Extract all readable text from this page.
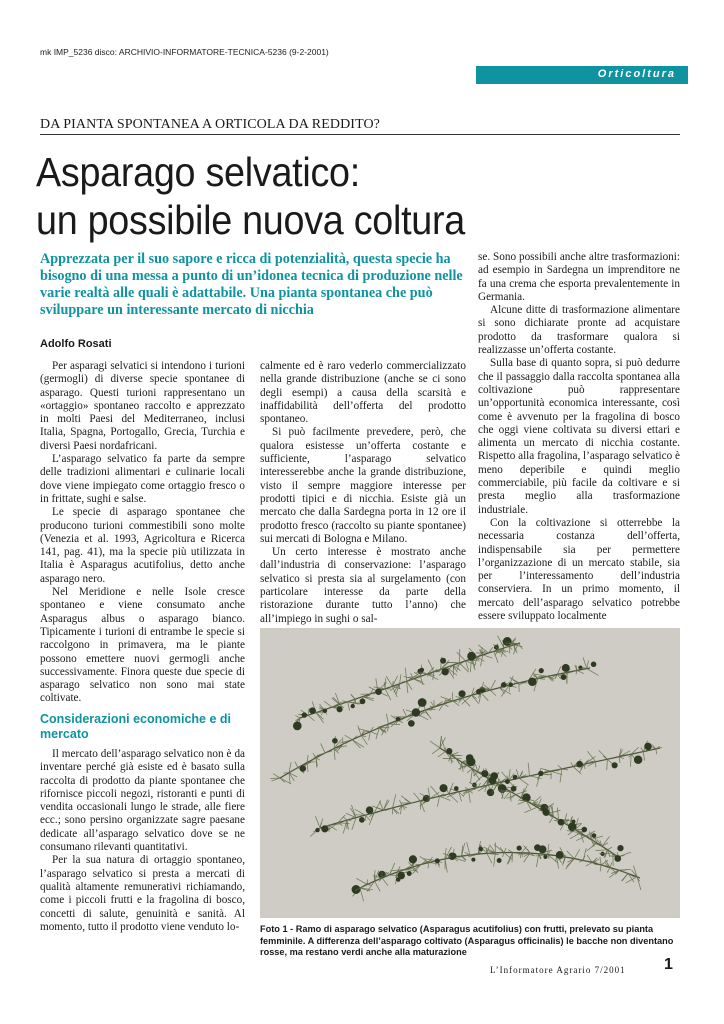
mk IMP_5236 disco: ARCHIVIO-INFORMATORE-TECNICA-5236 (9-2-2001)
Orticoltura
DA PIANTA SPONTANEA A ORTICOLA DA REDDITO?
Asparago selvatico:
un possibile nuova coltura
Apprezzata per il suo sapore e ricca di potenzialità, questa specie ha bisogno di una messa a punto di un’idonea tecnica di produzione nelle varie realtà alle quali è adattabile. Una pianta spontanea che può sviluppare un interessante mercato di nicchia
Adolfo Rosati

Per asparagi selvatici si intendono i turioni (germogli) di diverse specie spontanee di asparago. Questi turioni rappresentano un «ortaggio» spontaneo raccolto e apprezzato in molti Paesi del Mediterraneo, inclusi Italia, Spagna, Portogallo, Grecia, Turchia e diversi Paesi nordafricani.

L’asparago selvatico fa parte da sempre delle tradizioni alimentari e culinarie locali dove viene impiegato come ortaggio fresco o in frittate, sughi e salse.

Le specie di asparago spontanee che producono turioni commestibili sono molte (Venezia et al. 1993, Agricoltura e Ricerca 141, pag. 41), ma la specie più utilizzata in Italia è Asparagus acutifolius, detto anche asparago nero.

Nel Meridione e nelle Isole cresce spontaneo e viene consumato anche Asparagus albus o asparago bianco. Tipicamente i turioni di entrambe le specie si raccolgono in primavera, ma le piante possono emettere nuovi germogli anche successivamente. Finora queste due specie di asparago selvatico non sono mai state coltivate.

Considerazioni economiche e di mercato

Il mercato dell’asparago selvatico non è da inventare perché già esiste ed è basato sulla raccolta di prodotto da piante spontanee che riforniscе piccoli negozi, ristoranti e punti di vendita occasionali lungo le strade, alle fiere ecc.; sono persino organizzate sagre paesane dedicate all’asparago selvatico dove se ne consumano rilevanti quantitativi.

Per la sua natura di ortaggio spontaneo, l’asparago selvatico si presta a mercati di qualità altamente remunerativi richiamando, come i piccoli frutti e la fragolina di bosco, concetti di salute, genuinità e sanità. Al momento, tutto il prodotto viene venduto lo-

calmente ed è raro vederlo commercializzato nella grande distribuzione (anche se ci sono degli esempi) a causa della scarsità e inaffidabilità dell’offerta del prodotto spontaneo.

Si può facilmente prevedere, però, che qualora esistesse un’offerta costante e sufficiente, l’asparago selvatico interesserebbe anche la grande distribuzione, visto il sempre maggiore interesse per prodotti tipici e di nicchia. Esiste già un mercato che dalla Sardegna porta in 12 ore il prodotto fresco (raccolto su piante spontanee) sui mercati di Bologna e Milano.

Un certo interesse è mostrato anche dall’industria di conservazione: l’asparago selvatico si presta sia al surgelamento (con particolare interesse da parte della ristorazione durante tutto l’anno) che all’impiego in sughi o sal-

se. Sono possibili anche altre trasformazioni: ad esempio in Sardegna un imprenditore ne fa una crema che esporta prevalentemente in Germania.

Alcune ditte di trasformazione alimentare si sono dichiarate pronte ad acquistare prodotto da trasformare qualora si realizzasse un’offerta costante.

Sulla base di quanto sopra, si può dedurre che il passaggio dalla raccolta spontanea alla coltivazione può rappresentare un’opportunità economica interessante, così come è avvenuto per la fragolina di bosco che oggi viene coltivata su diversi ettari e alimenta un mercato di nicchia costante. Rispetto alla fragolina, l’asparago selvatico è meno deperibile e quindi meglio commerciabile, più facile da coltivare e si presta meglio alla trasformazione industriale.

Con la coltivazione si otterrebbe la necessaria costanza dell’offerta, indispensabile sia per permettere l’organizzazione di un mercato stabile, sia per l’interessamento dell’industria conserviera. In un primo momento, il mercato dell’asparago selvatico potrebbe essere sviluppato localmente

Foto 1 - Ramo di asparago selvatico (Asparagus acutifolius) con frutti, prelevato su pianta femminile. A differenza dell’asparago coltivato (Asparagus officinalis) le bacche non diventano rosse, ma restano verdi anche alla maturazione
L’Informatore Agrario 7/2001 1
